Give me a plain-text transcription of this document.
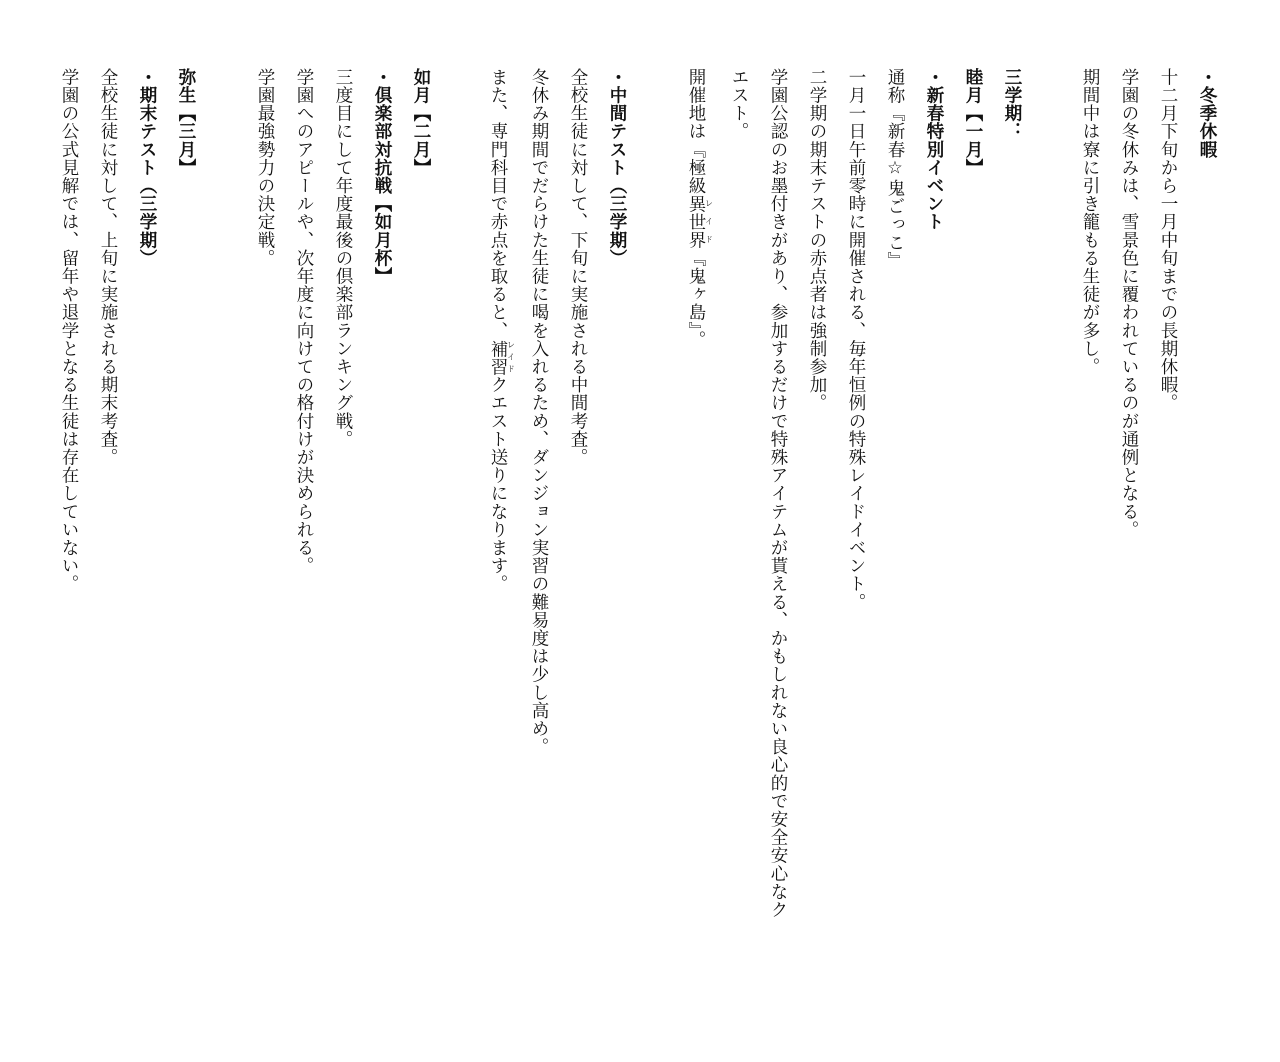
・冬季休暇

十二月下旬から一月中旬までの長期休暇。

学園の冬休みは、雪景色に覆われているのが通例となる。

期間中は寮に引き籠もる生徒が多し。

三学期：

睦月【一月】

・新春特別イベント

通称『新春☆鬼ごっこ』

一月一日午前零時に開催される、毎年恒例の特殊レイドイベント。

二学期の期末テストの赤点者は強制参加。

学園公認のお墨付きがあり、参加するだけで特殊アイテムが貰える、かもしれない良心的で安全安心なク

エスト。

開催地は『極級異世界レイド『鬼ヶ島』。

・中間テスト（三学期）

全校生徒に対して、下旬に実施される中間考査。

冬休み期間でだらけた生徒に喝を入れるため、ダンジョン実習の難易度は少し高め。

また、専門科目で赤点を取ると、補習レイドクエスト送りになります。

如月【二月】

・倶楽部対抗戦【如月杯】

三度目にして年度最後の倶楽部ランキング戦。

学園へのアピールや、次年度に向けての格付けが決められる。

学園最強勢力の決定戦。

弥生【三月】

・期末テスト（三学期）

全校生徒に対して、上旬に実施される期末考査。

学園の公式見解では、留年や退学となる生徒は存在していない。
